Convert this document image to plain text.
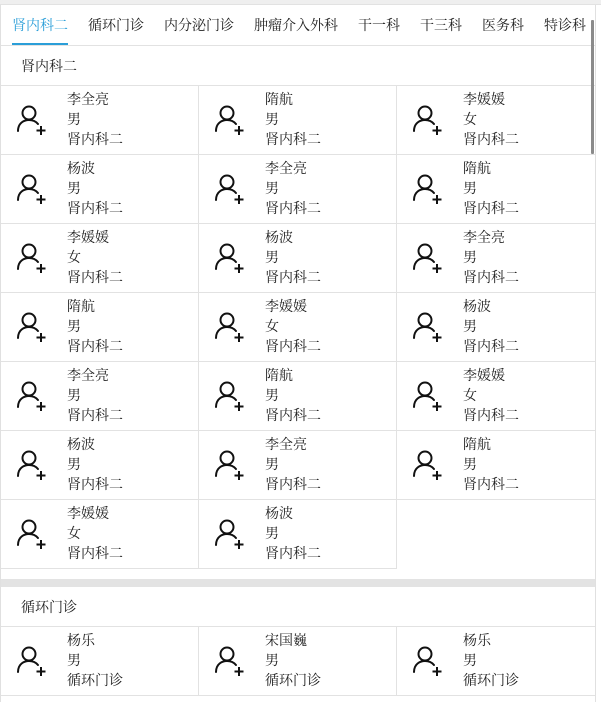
肾内科二 循环门诊 内分泌门诊 肿瘤介入外科 干一科 干三科 医务科 特诊科
肾内科二
李全亮
男
肾内科二
隋航
男
肾内科二
李媛媛
女
肾内科二
杨波
男
肾内科二
李全亮
男
肾内科二
隋航
男
肾内科二
李媛媛
女
肾内科二
杨波
男
肾内科二
李全亮
男
肾内科二
隋航
男
肾内科二
李媛媛
女
肾内科二
杨波
男
肾内科二
李全亮
男
肾内科二
隋航
男
肾内科二
李媛媛
女
肾内科二
杨波
男
肾内科二
李全亮
男
肾内科二
隋航
男
肾内科二
李媛媛
女
肾内科二
杨波
男
肾内科二
循环门诊
杨乐
男
循环门诊
宋国巍
男
循环门诊
杨乐
男
循环门诊
